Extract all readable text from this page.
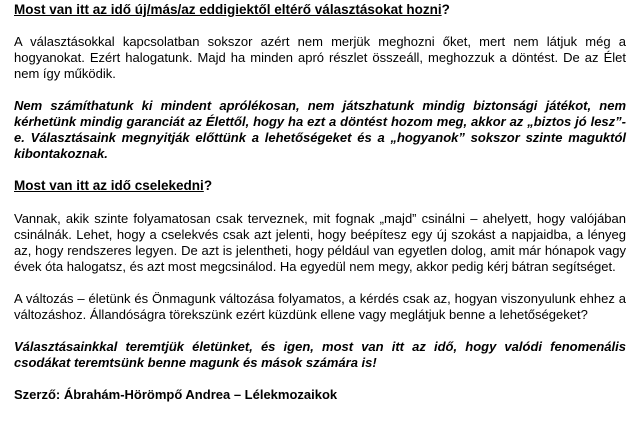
Most van itt az idő új/más/az eddigiektől eltérő választásokat hozni?

A választásokkal kapcsolatban sokszor azért nem merjük meghozni őket, mert nem látjuk még a hogyanokat. Ezért halogatunk. Majd ha minden apró részlet összeáll, meghozzuk a döntést. De az Élet nem így működik.

Nem számíthatunk ki mindent aprólékosan, nem játszhatunk mindig biztonsági játékot, nem kérhetünk mindig garanciát az Élettől, hogy ha ezt a döntést hozom meg, akkor az „biztos jó lesz”-e. Választásaink megnyitják előttünk a lehetőségeket és a „hogyanok” sokszor szinte maguktól kibontakoznak.

Most van itt az idő cselekedni?

Vannak, akik szinte folyamatosan csak terveznek, mit fognak „majd” csinálni – ahelyett, hogy valójában csinálnák. Lehet, hogy a cselekvés csak azt jelenti, hogy beépítesz egy új szokást a napjaidba, a lényeg az, hogy rendszeres legyen. De azt is jelentheti, hogy például van egyetlen dolog, amit már hónapok vagy évek óta halogatsz, és azt most megcsinálod. Ha egyedül nem megy, akkor pedig kérj bátran segítséget.

A változás – életünk és Önmagunk változása folyamatos, a kérdés csak az, hogyan viszonyulunk ehhez a változáshoz. Állandóságra törekszünk ezért küzdünk ellene vagy meglátjuk benne a lehetőségeket?

Választásainkkal teremtjük életünket, és igen, most van itt az idő, hogy valódi fenomenális csodákat teremtsünk benne magunk és mások számára is!

Szerző: Ábrahám-Hörömpő Andrea – Lélekmozaikok
